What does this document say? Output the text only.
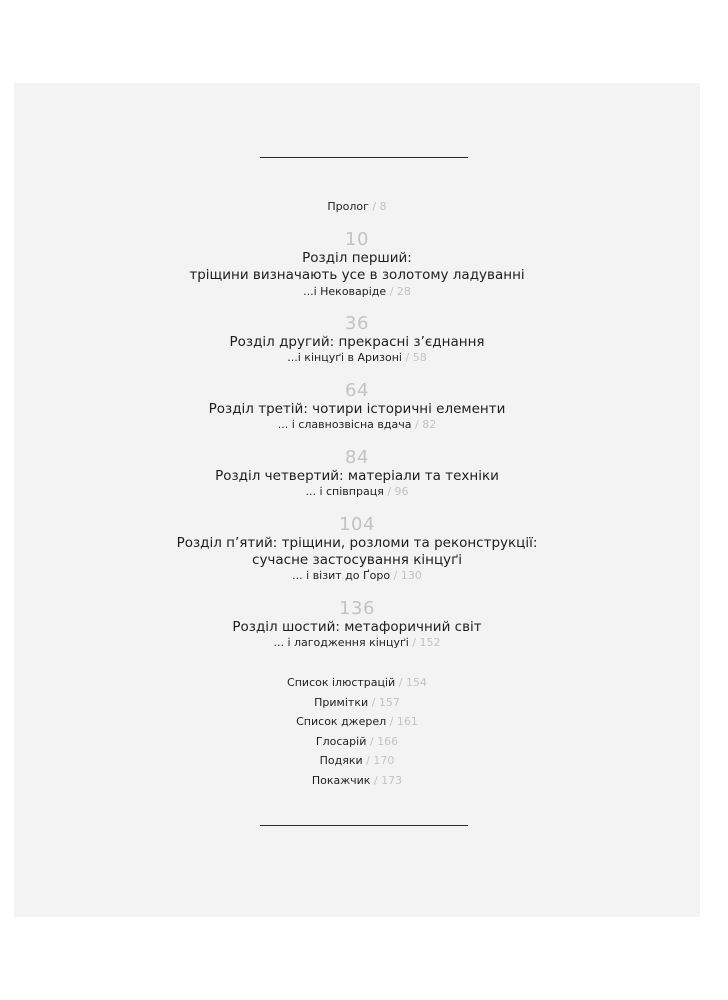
Пролог / 8
10
Розділ перший:
тріщини визначають усе в золотому ладуванні
...і Нековаріде / 28
36
Розділ другий: прекрасні з’єднання
...і кінцуґі в Аризоні / 58
64
Розділ третій: чотири історичні елементи
... і славнозвісна вдача / 82
84
Розділ четвертий: матеріали та техніки
... і співпраця / 96
104
Розділ п’ятий: тріщини, розломи та реконструкції:
сучасне застосування кінцуґі
... і візит до Ґоро / 130
136
Розділ шостий: метафоричний світ
... і лагодження кінцуґі / 152
Список ілюстрацій / 154
Примітки / 157
Список джерел / 161
Глосарій / 166
Подяки / 170
Покажчик / 173
